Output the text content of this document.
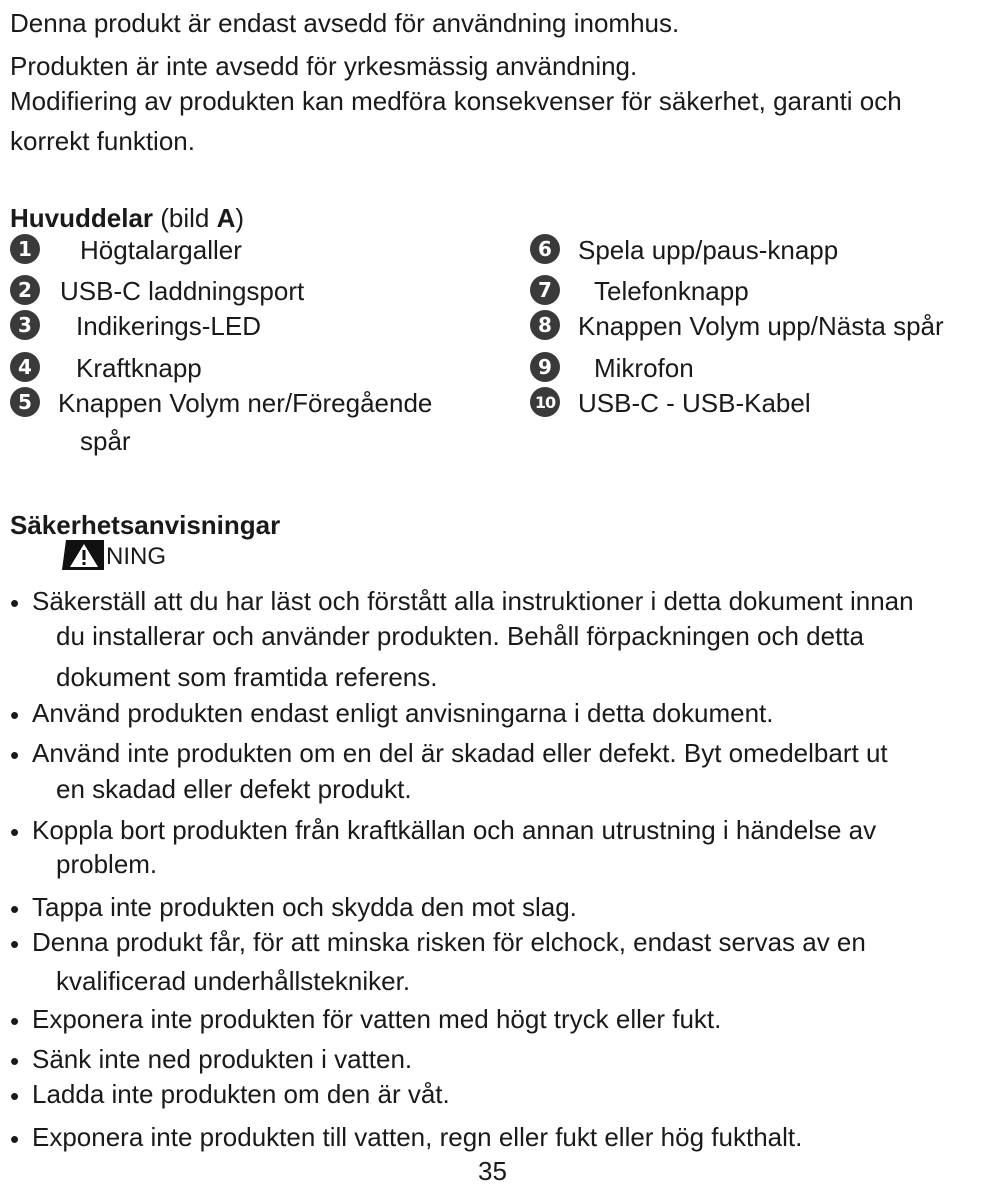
Denna produkt är endast avsedd för användning inomhus.
Produkten är inte avsedd för yrkesmässig användning.
Modifiering av produkten kan medföra konsekvenser för säkerhet, garanti och
korrekt funktion.
Huvuddelar (bild A)
1	Högtalargaller
2	USB-C laddningsport
3	Indikerings-LED
4	Kraftknapp
5	Knappen Volym ner/Föregående
spår
6	Spela upp/paus-knapp
7	Telefonknapp
8	Knappen Volym upp/Nästa spår
9	Mikrofon
10 USB-C - USB-Kabel
Säkerhetsanvisningar
NING
• Säkerställ att du har läst och förstått alla instruktioner i detta dokument innan
du installerar och använder produkten. Behåll förpackningen och detta
dokument som framtida referens.
• Använd produkten endast enligt anvisningarna i detta dokument.
• Använd inte produkten om en del är skadad eller defekt. Byt omedelbart ut
en skadad eller defekt produkt.
• Koppla bort produkten från kraftkällan och annan utrustning i händelse av
problem.
• Tappa inte produkten och skydda den mot slag.
• Denna produkt får, för att minska risken för elchock, endast servas av en
kvalificerad underhållstekniker.
• Exponera inte produkten för vatten med högt tryck eller fukt.
• Sänk inte ned produkten i vatten.
• Ladda inte produkten om den är våt.
• Exponera inte produkten till vatten, regn eller fukt eller hög fukthalt.
35
